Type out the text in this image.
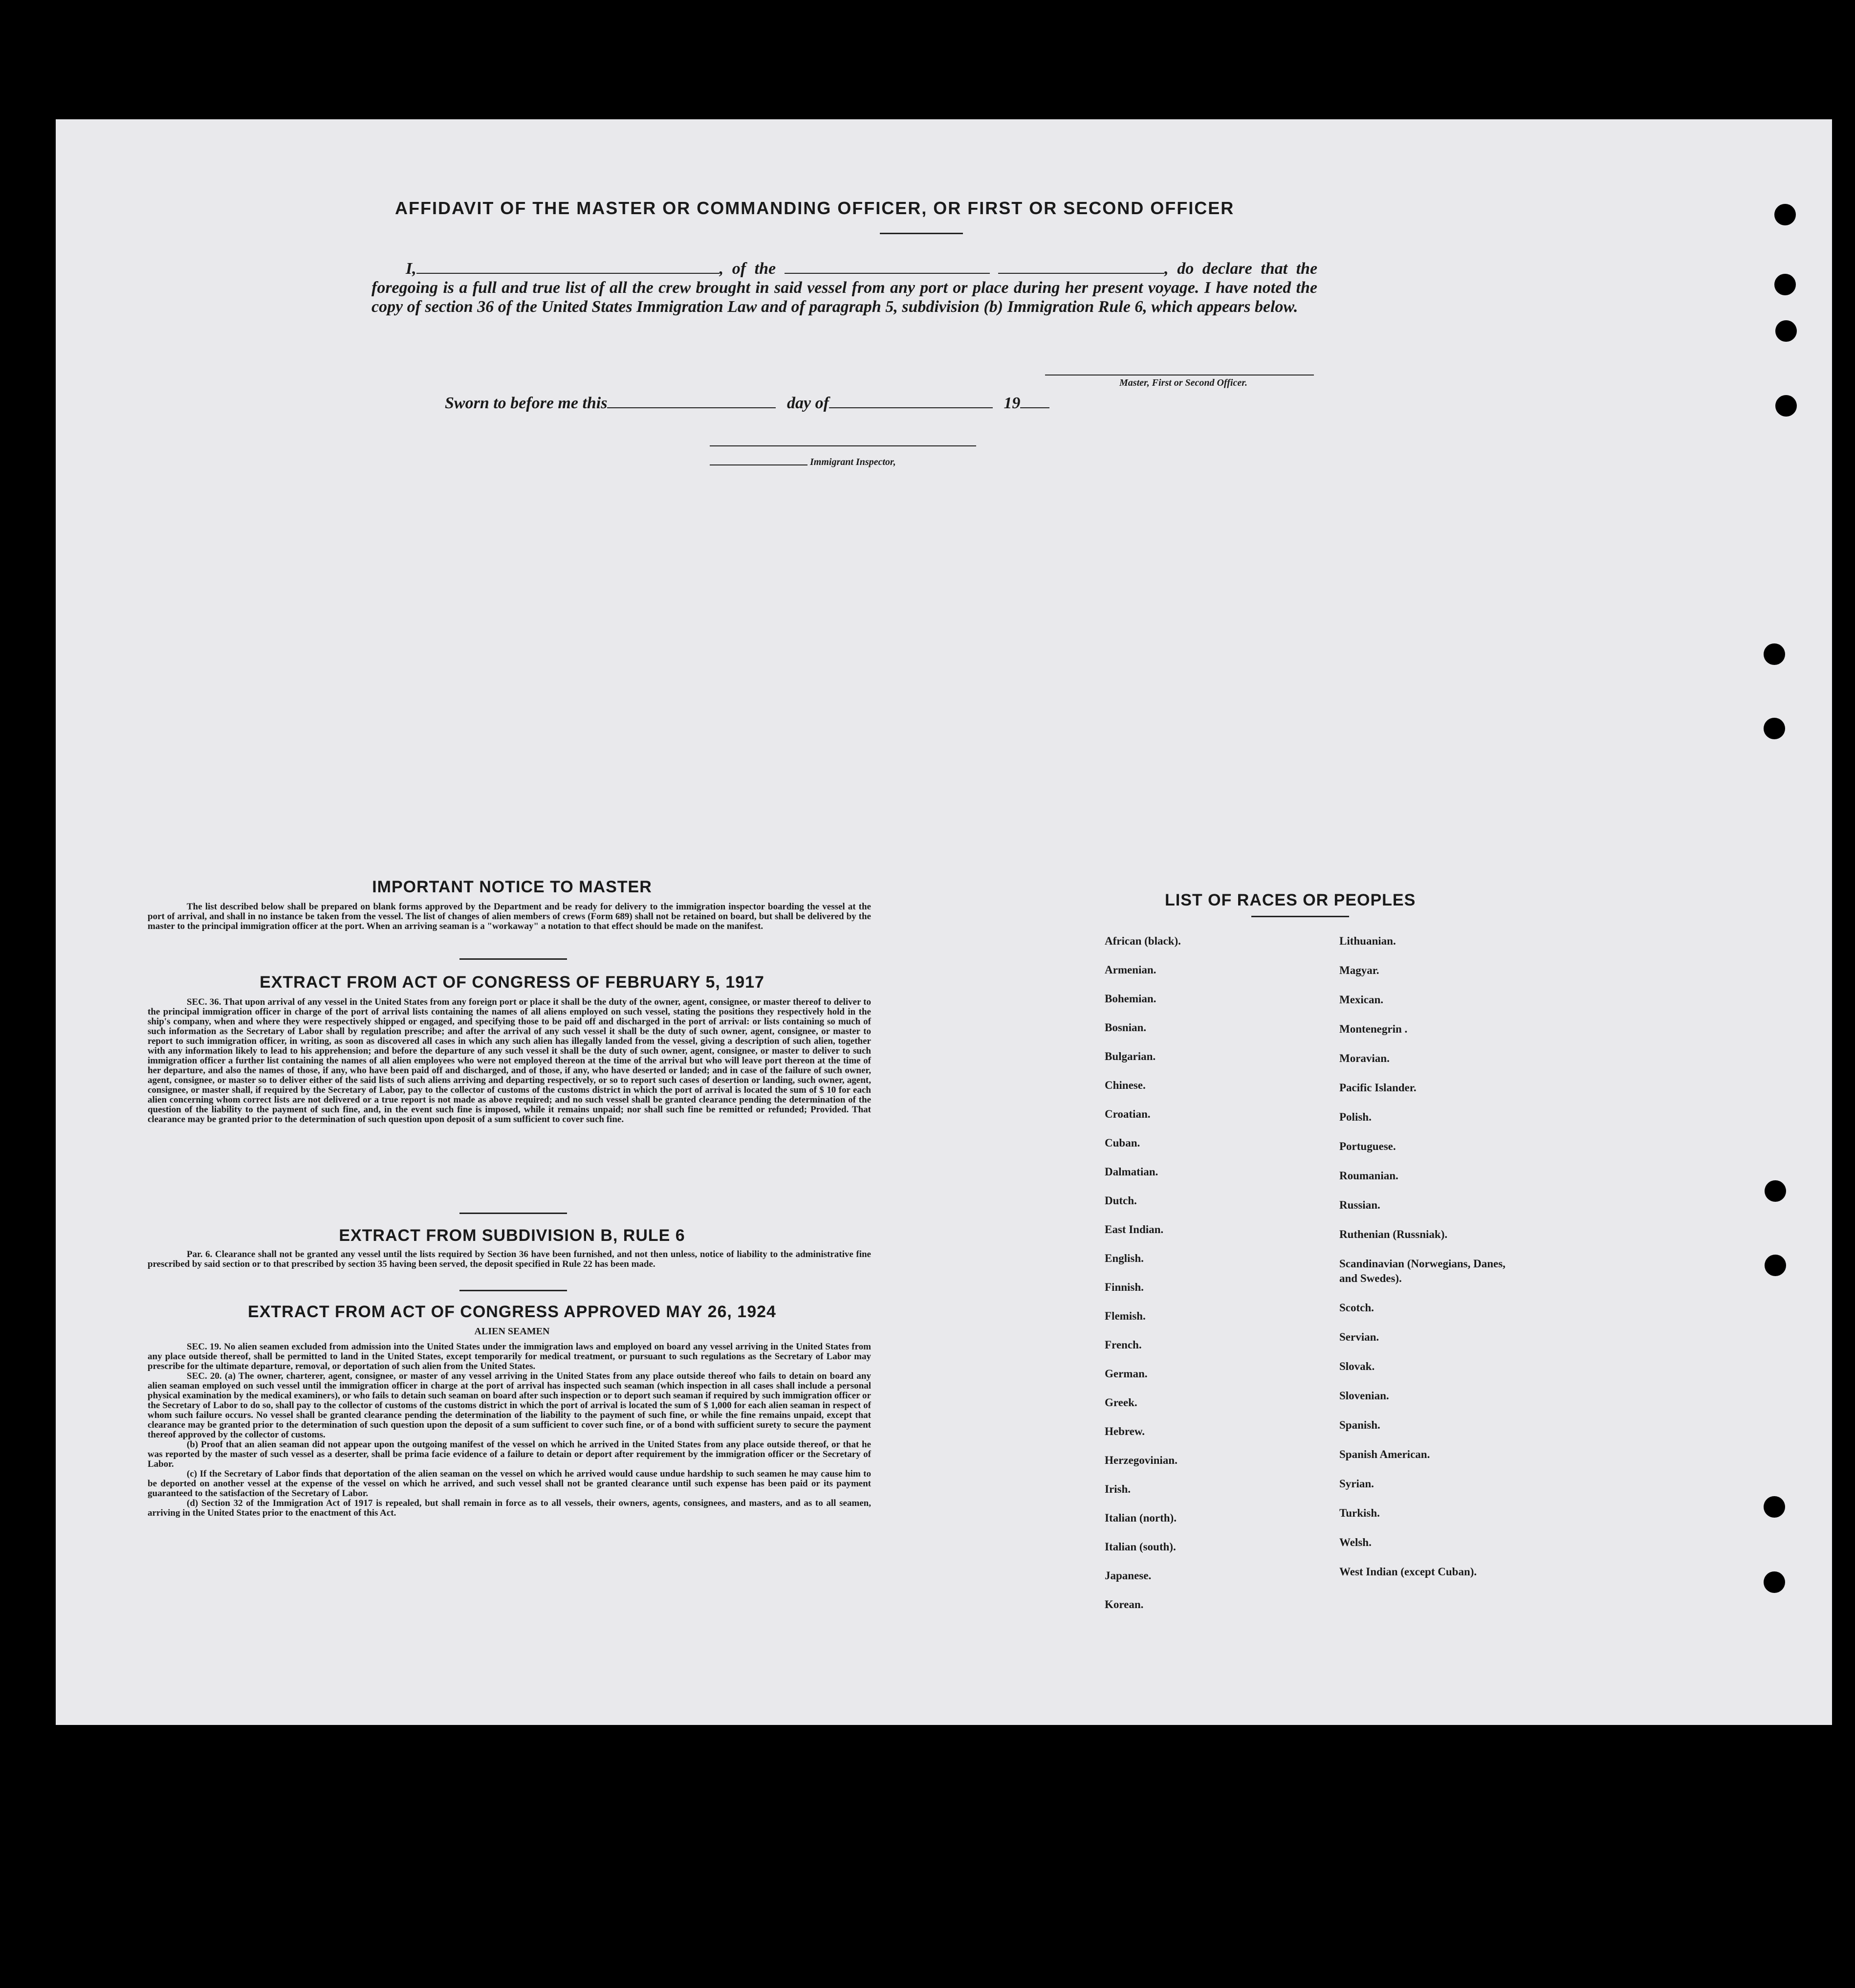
AFFIDAVIT OF THE MASTER OR COMMANDING OFFICER, OR FIRST OR SECOND OFFICER
I,	, of the	, do declare that the foregoing is a full and true list of all the crew brought in said vessel from any port or place during her present voyage. I have noted the copy of section 36 of the United States Immigration Law and of paragraph 5, subdivision (b) Immigration Rule 6, which appears below.
Master, First or Second Officer.
Sworn to before me this	day of	19
Immigrant Inspector,
IMPORTANT NOTICE TO MASTER
The list described below shall be prepared on blank forms approved by the Department and be ready for delivery to the immigration inspector boarding the vessel at the port of arrival, and shall in no instance be taken from the vessel. The list of changes of alien members of crews (Form 689) shall not be retained on board, but shall be delivered by the master to the principal immigration officer at the port. When an arriving seaman is a "workaway" a notation to that effect should be made on the manifest.
EXTRACT FROM ACT OF CONGRESS OF FEBRUARY 5, 1917
SEC. 36. That upon arrival of any vessel in the United States from any foreign port or place it shall be the duty of the owner, agent, consignee, or master thereof to deliver to the principal immigration officer in charge of the port of arrival lists containing the names of all aliens employed on such vessel, stating the positions they respectively hold in the ship's company, when and where they were respectively shipped or engaged, and specifying those to be paid off and discharged in the port of arrival: or lists containing so much of such information as the Secretary of Labor shall by regulation prescribe; and after the arrival of any such vessel it shall be the duty of such owner, agent, consignee, or master to report to such immigration officer, in writing, as soon as discovered all cases in which any such alien has illegally landed from the vessel, giving a description of such alien, together with any information likely to lead to his apprehension; and before the departure of any such vessel it shall be the duty of such owner, agent, consignee, or master to deliver to such immigration officer a further list containing the names of all alien employees who were not employed thereon at the time of the arrival but who will leave port thereon at the time of her departure, and also the names of those, if any, who have been paid off and discharged, and of those, if any, who have deserted or landed; and in case of the failure of such owner, agent, consignee, or master so to deliver either of the said lists of such aliens arriving and departing respectively, or so to report such cases of desertion or landing, such owner, agent, consignee, or master shall, if required by the Secretary of Labor, pay to the collector of customs of the customs district in which the port of arrival is located the sum of $ 10 for each alien concerning whom correct lists are not delivered or a true report is not made as above required; and no such vessel shall be granted clearance pending the determination of the question of the liability to the payment of such fine, and, in the event such fine is imposed, while it remains unpaid; nor shall such fine be remitted or refunded; Provided. That clearance may be granted prior to the determination of such question upon deposit of a sum sufficient to cover such fine.
EXTRACT FROM SUBDIVISION B, RULE 6
Par. 6. Clearance shall not be granted any vessel until the lists required by Section 36 have been furnished, and not then unless, notice of liability to the administrative fine prescribed by said section or to that prescribed by section 35 having been served, the deposit specified in Rule 22 has been made.
EXTRACT FROM ACT OF CONGRESS APPROVED MAY 26, 1924
ALIEN SEAMEN
SEC. 19. No alien seamen excluded from admission into the United States under the immigration laws and employed on board any vessel arriving in the United States from any place outside thereof, shall be permitted to land in the United States, except temporarily for medical treatment, or pursuant to such regulations as the Secretary of Labor may prescribe for the ultimate departure, removal, or deportation of such alien from the United States.
SEC. 20. (a) The owner, charterer, agent, consignee, or master of any vessel arriving in the United States from any place outside thereof who fails to detain on board any alien seaman employed on such vessel until the immigration officer in charge at the port of arrival has inspected such seaman (which inspection in all cases shall include a personal physical examination by the medical examiners), or who fails to detain such seaman on board after such inspection or to deport such seaman if required by such immigration officer or the Secretary of Labor to do so, shall pay to the collector of customs of the customs district in which the port of arrival is located the sum of $ 1,000 for each alien seaman in respect of whom such failure occurs. No vessel shall be granted clearance pending the determination of the liability to the payment of such fine, or while the fine remains unpaid, except that clearance may be granted prior to the determination of such question upon the deposit of a sum sufficient to cover such fine, or of a bond with sufficient surety to secure the payment thereof approved by the collector of customs.
(b) Proof that an alien seaman did not appear upon the outgoing manifest of the vessel on which he arrived in the United States from any place outside thereof, or that he was reported by the master of such vessel as a deserter, shall be prima facie evidence of a failure to detain or deport after requirement by the immigration officer or the Secretary of Labor.
(c) If the Secretary of Labor finds that deportation of the alien seaman on the vessel on which he arrived would cause undue hardship to such seamen he may cause him to be deported on another vessel at the expense of the vessel on which he arrived, and such vessel shall not be granted clearance until such expense has been paid or its payment guaranteed to the satisfaction of the Secretary of Labor.
(d) Section 32 of the Immigration Act of 1917 is repealed, but shall remain in force as to all vessels, their owners, agents, consignees, and masters, and as to all seamen, arriving in the United States prior to the enactment of this Act.
LIST OF RACES OR PEOPLES
African (black).
Armenian.
Bohemian.
Bosnian.
Bulgarian.
Chinese.
Croatian.
Cuban.
Dalmatian.
Dutch.
East Indian.
English.
Finnish.
Flemish.
French.
German.
Greek.
Hebrew.
Herzegovinian.
Irish.
Italian (north).
Italian (south).
Japanese.
Korean.
Lithuanian.
Magyar.
Mexican.
Montenegrin .
Moravian.
Pacific Islander.
Polish.
Portuguese.
Roumanian.
Russian.
Ruthenian (Russniak).
Scandinavian (Norwegians, Danes, and Swedes).
Scotch.
Servian.
Slovak.
Slovenian.
Spanish.
Spanish American.
Syrian.
Turkish.
Welsh.
West Indian (except Cuban).
